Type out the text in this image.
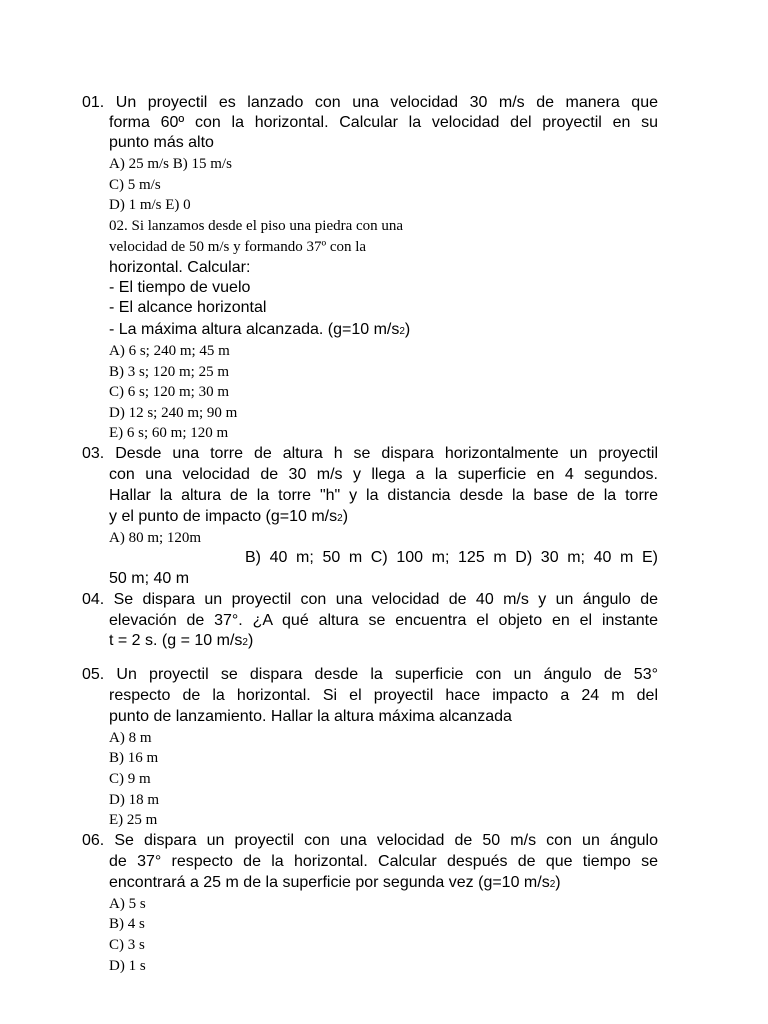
01. Un proyectil es lanzado con una velocidad 30 m/s de manera que
forma 60º con la horizontal. Calcular la velocidad del proyectil en su
punto más alto
A) 25 m/s B) 15 m/s
C) 5 m/s
D) 1 m/s E) 0
02. Si lanzamos desde el piso una piedra con una
velocidad de 50 m/s y formando 37º con la
horizontal. Calcular:
- El tiempo de vuelo
- El alcance horizontal
- La máxima altura alcanzada. (g=10 m/s2)
A) 6 s; 240 m; 45 m
B) 3 s; 120 m; 25 m
C) 6 s; 120 m; 30 m
D) 12 s; 240 m; 90 m
E) 6 s; 60 m; 120 m
03. Desde una torre de altura h se dispara horizontalmente un proyectil
con una velocidad de 30 m/s y llega a la superficie en 4 segundos.
Hallar la altura de la torre "h" y la distancia desde la base de la torre
y el punto de impacto (g=10 m/s2)
A) 80 m; 120m
B) 40 m; 50 m C) 100 m; 125 m D) 30 m; 40 m E)
50 m; 40 m
04. Se dispara un proyectil con una velocidad de 40 m/s y un ángulo de
elevación de 37°. ¿A qué altura se encuentra el objeto en el instante
t = 2 s. (g = 10 m/s2)
05. Un proyectil se dispara desde la superficie con un ángulo de 53°
respecto de la horizontal. Si el proyectil hace impacto a 24 m del
punto de lanzamiento. Hallar la altura máxima alcanzada
A) 8 m
B) 16 m
C) 9 m
D) 18 m
E) 25 m
06. Se dispara un proyectil con una velocidad de 50 m/s con un ángulo
de 37° respecto de la horizontal. Calcular después de que tiempo se
encontrará a 25 m de la superficie por segunda vez (g=10 m/s2)
A) 5 s
B) 4 s
C) 3 s
D) 1 s
